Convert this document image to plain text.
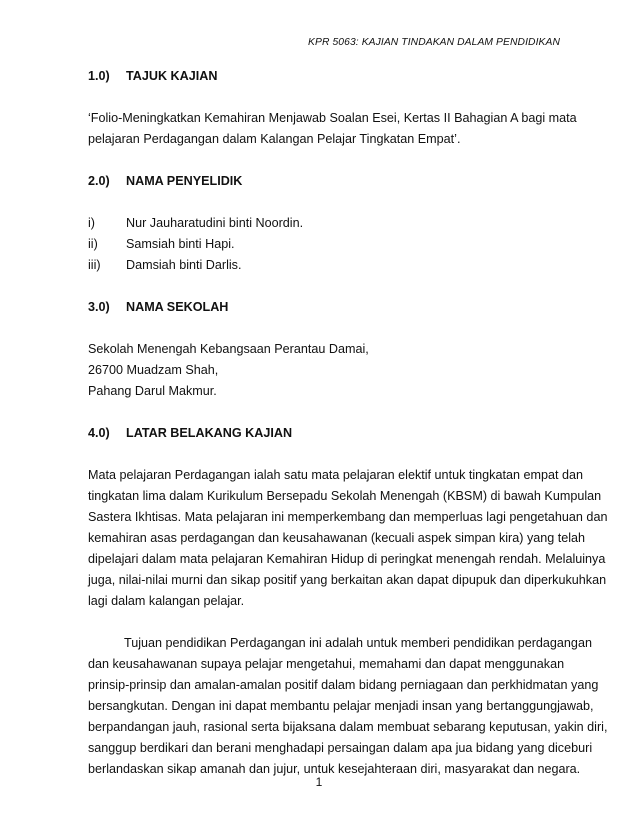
KPR 5063: KAJIAN TINDAKAN DALAM PENDIDIKAN
1.0)	TAJUK KAJIAN
‘Folio-Meningkatkan Kemahiran Menjawab Soalan Esei, Kertas II Bahagian A bagi mata
pelajaran Perdagangan dalam Kalangan Pelajar Tingkatan Empat’.
2.0)	NAMA PENYELIDIK
i)	Nur Jauharatudini binti Noordin.
ii)	Samsiah binti Hapi.
iii)	Damsiah binti Darlis.
3.0)	NAMA SEKOLAH
Sekolah Menengah Kebangsaan Perantau Damai,
26700 Muadzam Shah,
Pahang Darul Makmur.
4.0)	LATAR BELAKANG KAJIAN
Mata pelajaran Perdagangan ialah satu mata pelajaran elektif untuk tingkatan empat dan
tingkatan lima dalam Kurikulum Bersepadu Sekolah Menengah (KBSM) di bawah Kumpulan
Sastera Ikhtisas. Mata pelajaran ini memperkembang dan memperluas lagi pengetahuan dan
kemahiran asas perdagangan dan keusahawanan (kecuali aspek simpan kira) yang telah
dipelajari dalam mata pelajaran Kemahiran Hidup di peringkat menengah rendah. Melaluinya
juga, nilai-nilai murni dan sikap positif yang berkaitan akan dapat dipupuk dan diperkukuhkan
lagi dalam kalangan pelajar.
Tujuan pendidikan Perdagangan ini adalah untuk memberi pendidikan perdagangan
dan keusahawanan supaya pelajar mengetahui, memahami dan dapat menggunakan
prinsip-prinsip dan amalan-amalan positif dalam bidang perniagaan dan perkhidmatan yang
bersangkutan. Dengan ini dapat membantu pelajar menjadi insan yang bertanggungjawab,
berpandangan jauh, rasional serta bijaksana dalam membuat sebarang keputusan, yakin diri,
sanggup berdikari dan berani menghadapi persaingan dalam apa jua bidang yang diceburi
berlandaskan sikap amanah dan jujur, untuk kesejahteraan diri, masyarakat dan negara.
1
